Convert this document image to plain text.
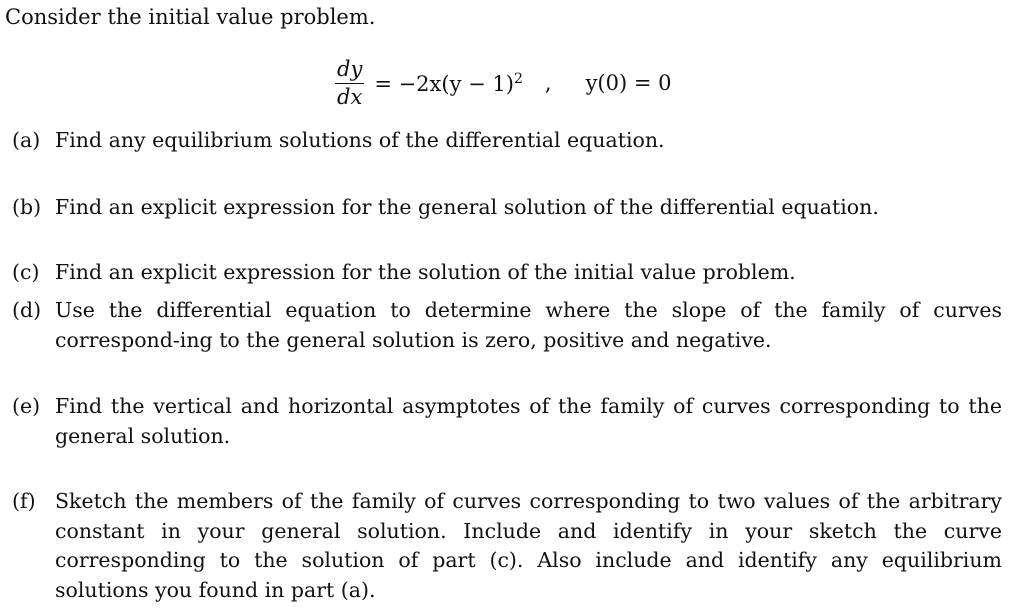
Consider the initial value problem.
$\frac{dy}{dx} = -2x(y - 1)^2$ , y(0) = 0
(a) Find any equilibrium solutions of the differential equation.
(b) Find an explicit expression for the general solution of the differential equation.
(c) Find an explicit expression for the solution of the initial value problem.
(d) Use the differential equation to determine where the slope of the family of curves correspond-ing to the general solution is zero, positive and negative.
(e) Find the vertical and horizontal asymptotes of the family of curves corresponding to the general solution.
(f) Sketch the members of the family of curves corresponding to two values of the arbitrary constant in your general solution. Include and identify in your sketch the curve corresponding to the solution of part (c). Also include and identify any equilibrium solutions you found in part (a).
